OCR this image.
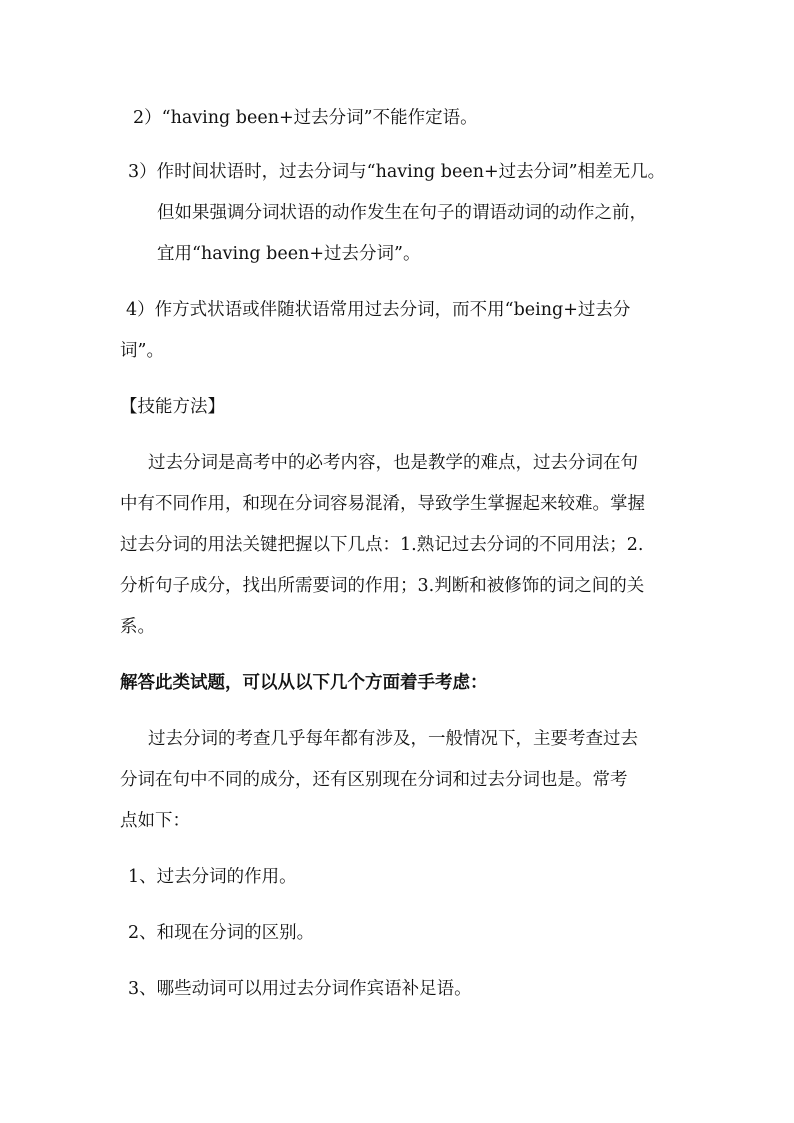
2）“having been+过去分词”不能作定语。
3）作时间状语时，过去分词与“having been+过去分词”相差无几。
但如果强调分词状语的动作发生在句子的谓语动词的动作之前，
宜用“having been+过去分词”。
4）作方式状语或伴随状语常用过去分词，而不用“being+过去分
词”。
【技能方法】
过去分词是高考中的必考内容，也是教学的难点，过去分词在句
中有不同作用，和现在分词容易混淆，导致学生掌握起来较难。掌握
过去分词的用法关键把握以下几点：1.熟记过去分词的不同用法；2.
分析句子成分，找出所需要词的作用；3.判断和被修饰的词之间的关
系。
解答此类试题，可以从以下几个方面着手考虑：
过去分词的考查几乎每年都有涉及，一般情况下，主要考查过去
分词在句中不同的成分，还有区别现在分词和过去分词也是。常考
点如下：
1、过去分词的作用。
2、和现在分词的区别。
3、哪些动词可以用过去分词作宾语补足语。
